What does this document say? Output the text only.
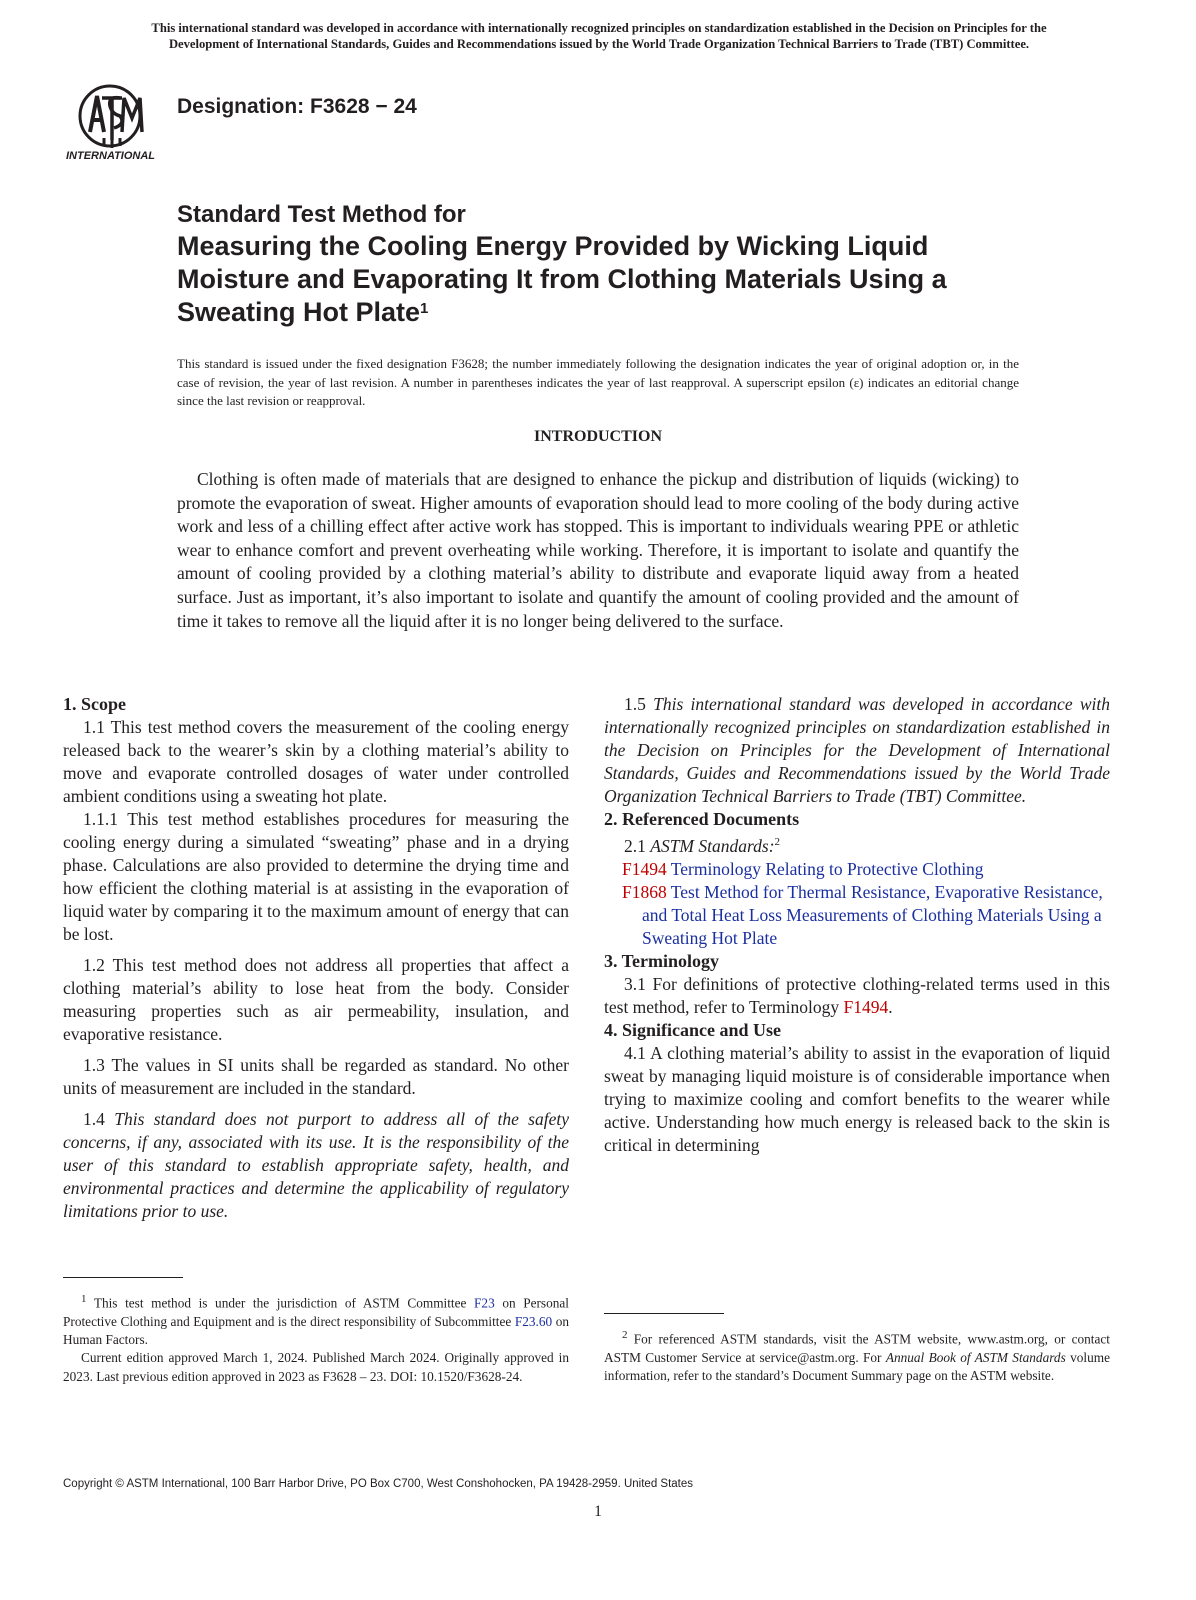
This international standard was developed in accordance with internationally recognized principles on standardization established in the Decision on Principles for the
Development of International Standards, Guides and Recommendations issued by the World Trade Organization Technical Barriers to Trade (TBT) Committee.
INTERNATIONAL
Designation: F3628 − 24
Standard Test Method for
Measuring the Cooling Energy Provided by Wicking Liquid
Moisture and Evaporating It from Clothing Materials Using a
Sweating Hot Plate$^1$
This standard is issued under the fixed designation F3628; the number immediately following the designation indicates the year of original adoption or, in the case of revision, the year of last revision. A number in parentheses indicates the year of last reapproval. A superscript epsilon (ε) indicates an editorial change since the last revision or reapproval.
INTRODUCTION

Clothing is often made of materials that are designed to enhance the pickup and distribution of liquids (wicking) to promote the evaporation of sweat. Higher amounts of evaporation should lead to more cooling of the body during active work and less of a chilling effect after active work has stopped. This is important to individuals wearing PPE or athletic wear to enhance comfort and prevent overheating while working. Therefore, it is important to isolate and quantify the amount of cooling provided by a clothing material’s ability to distribute and evaporate liquid away from a heated surface. Just as important, it’s also important to isolate and quantify the amount of cooling provided and the amount of time it takes to remove all the liquid after it is no longer being delivered to the surface.

1. Scope

1.1 This test method covers the measurement of the cooling energy released back to the wearer’s skin by a clothing material’s ability to move and evaporate controlled dosages of water under controlled ambient conditions using a sweating hot plate.

1.1.1 This test method establishes procedures for measuring the cooling energy during a simulated “sweating” phase and in a drying phase. Calculations are also provided to determine the drying time and how efficient the clothing material is at assisting in the evaporation of liquid water by comparing it to the maximum amount of energy that can be lost.

1.2 This test method does not address all properties that affect a clothing material’s ability to lose heat from the body. Consider measuring properties such as air permeability, insulation, and evaporative resistance.

1.3 The values in SI units shall be regarded as standard. No other units of measurement are included in the standard.

1.4 This standard does not purport to address all of the safety concerns, if any, associated with its use. It is the responsibility of the user of this standard to establish appropriate safety, health, and environmental practices and determine the applicability of regulatory limitations prior to use.

1.5 This international standard was developed in accordance with internationally recognized principles on standardization established in the Decision on Principles for the Development of International Standards, Guides and Recommendations issued by the World Trade Organization Technical Barriers to Trade (TBT) Committee.

2. Referenced Documents

2.1 ASTM Standards:$^2$

F1494 Terminology Relating to Protective Clothing

F1868 Test Method for Thermal Resistance, Evaporative Resistance, and Total Heat Loss Measurements of Clothing Materials Using a Sweating Hot Plate

3. Terminology

3.1 For definitions of protective clothing-related terms used in this test method, refer to Terminology F1494.

4. Significance and Use

4.1 A clothing material’s ability to assist in the evaporation of liquid sweat by managing liquid moisture is of considerable importance when trying to maximize cooling and comfort benefits to the wearer while active. Understanding how much energy is released back to the skin is critical in determining

$^1$ This test method is under the jurisdiction of ASTM Committee F23 on Personal Protective Clothing and Equipment and is the direct responsibility of Subcommittee F23.60 on Human Factors.

Current edition approved March 1, 2024. Published March 2024. Originally approved in 2023. Last previous edition approved in 2023 as F3628 – 23. DOI: 10.1520/F3628-24.

$^2$ For referenced ASTM standards, visit the ASTM website, www.astm.org, or contact ASTM Customer Service at service@astm.org. For Annual Book of ASTM Standards volume information, refer to the standard’s Document Summary page on the ASTM website.

Copyright © ASTM International, 100 Barr Harbor Drive, PO Box C700, West Conshohocken, PA 19428-2959. United States
1
